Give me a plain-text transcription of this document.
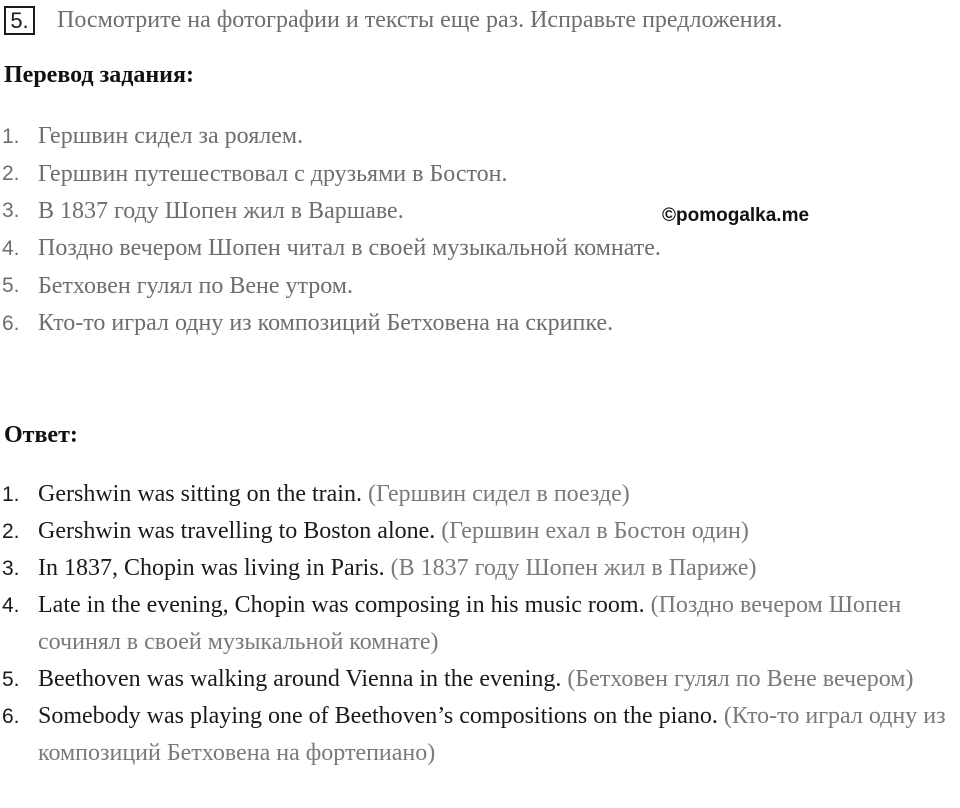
5. Посмотрите на фотографии и тексты еще раз. Исправьте предложения.
Перевод задания:
1. Гершвин сидел за роялем.
2. Гершвин путешествовал с друзьями в Бостон.
3. В 1837 году Шопен жил в Варшаве.
4. Поздно вечером Шопен читал в своей музыкальной комнате.
5. Бетховен гулял по Вене утром.
6. Кто-то играл одну из композиций Бетховена на скрипке.
©pomogalka.me
Ответ:
1. Gershwin was sitting on the train. (Гершвин сидел в поезде)
2. Gershwin was travelling to Boston alone. (Гершвин ехал в Бостон один)
3. In 1837, Chopin was living in Paris. (В 1837 году Шопен жил в Париже)
4. Late in the evening, Chopin was composing in his music room. (Поздно вечером Шопен сочинял в своей музыкальной комнате)
5. Beethoven was walking around Vienna in the evening. (Бетховен гулял по Вене вечером)
6. Somebody was playing one of Beethoven’s compositions on the piano. (Кто-то играл одну из композиций Бетховена на фортепиано)
